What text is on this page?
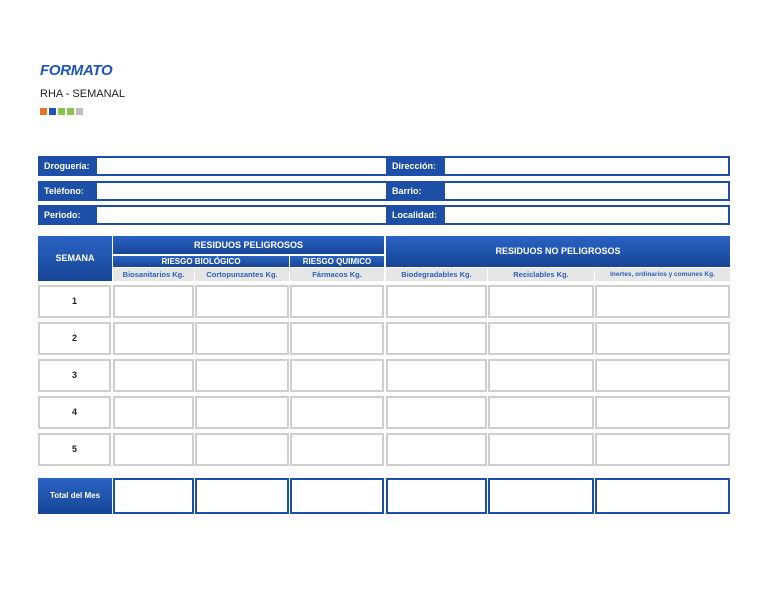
FORMATO
RHA - SEMANAL
Droguería:	Dirección:
Teléfono:	Barrio:
Periodo:	Localidad:
SEMANA
RESIDUOS PELIGROSOS
RIESGO BIOLÓGICO	RIESGO QUIMICO
RESIDUOS NO PELIGROSOS
Biosanitarios Kg.	Cortopunzantes Kg.	Fármacos Kg.	Biodegradables Kg.	Reciclables Kg.	Inertes, ordinarios y comunes Kg.
1
2
3
4
5
Total del Mes
